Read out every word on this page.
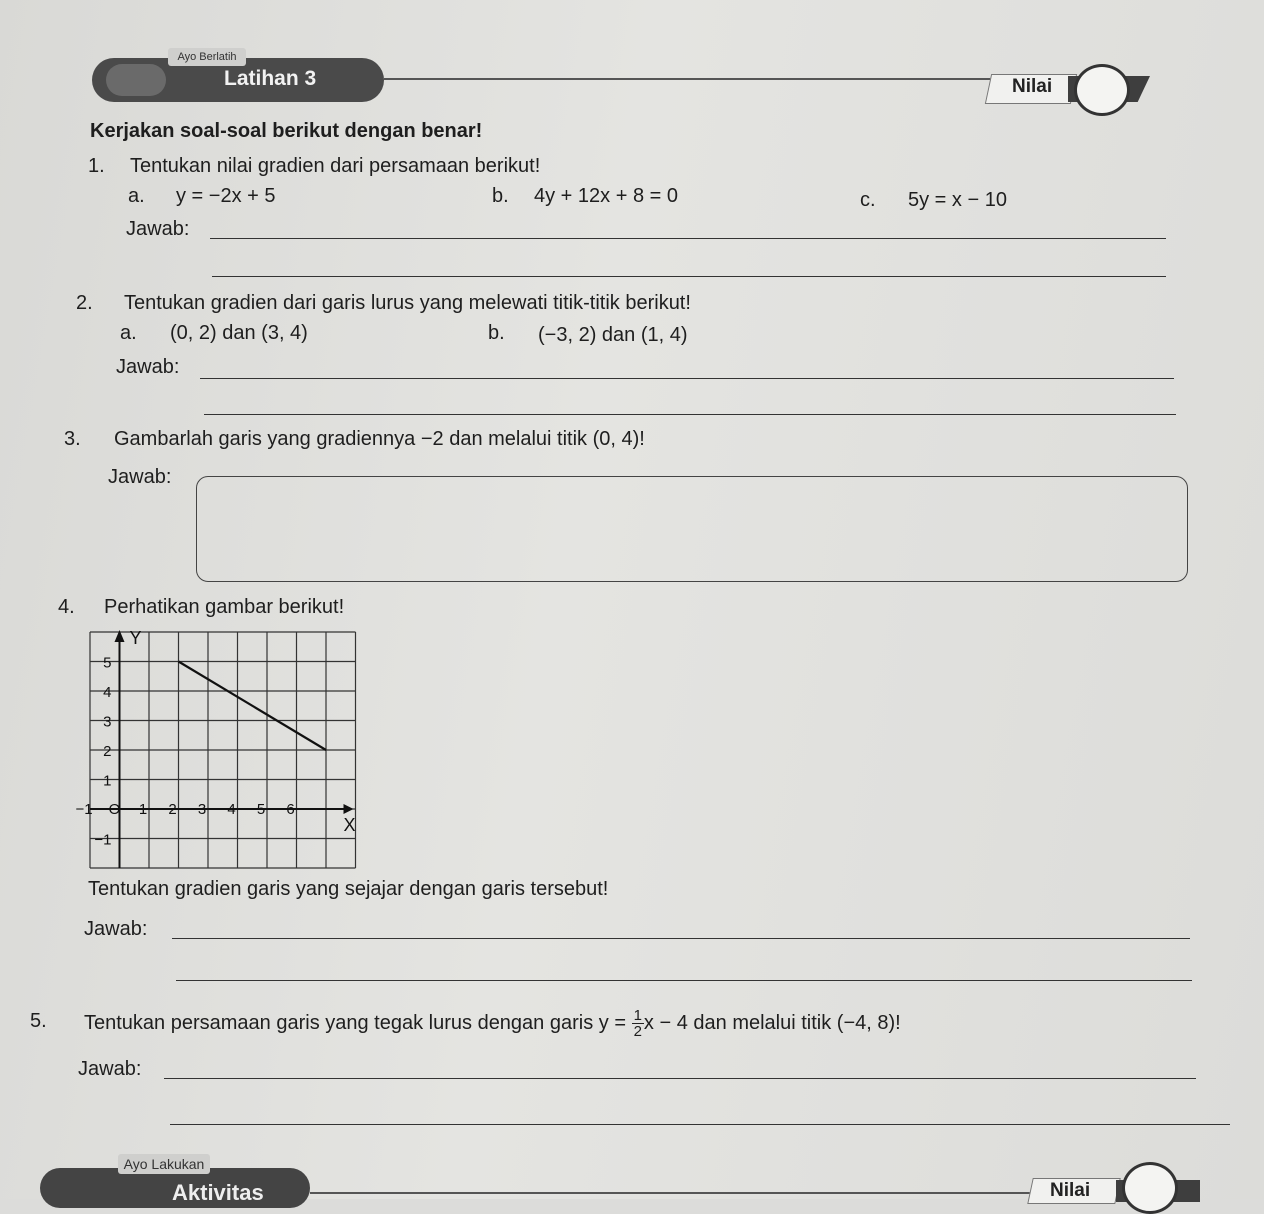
Ayo Berlatih
Latihan 3	Nilai
Kerjakan soal-soal berikut dengan benar!
1. Tentukan nilai gradien dari persamaan berikut!
a. y = −2x + 5	b. 4y + 12x + 8 = 0	c. 5y = x − 10
Jawab:
2. Tentukan gradien dari garis lurus yang melewati titik-titik berikut!
a. (0, 2) dan (3, 4)	b. (−3, 2) dan (1, 4)
Jawab:
3. Gambarlah garis yang gradiennya −2 dan melalui titik (0, 4)!
Jawab:
4. Perhatikan gambar berikut!
Y
X
O
−1	1 2 3 4 5 6
5
4
3
2
1
−1
Tentukan gradien garis yang sejajar dengan garis tersebut!
Jawab:
5. Tentukan persamaan garis yang tegak lurus dengan garis $y = \frac{1}{2}$ x − 4 dan melalui titik (−4, 8)!
Jawab:
Ayo Lakukan
Aktivitas	Nilai
